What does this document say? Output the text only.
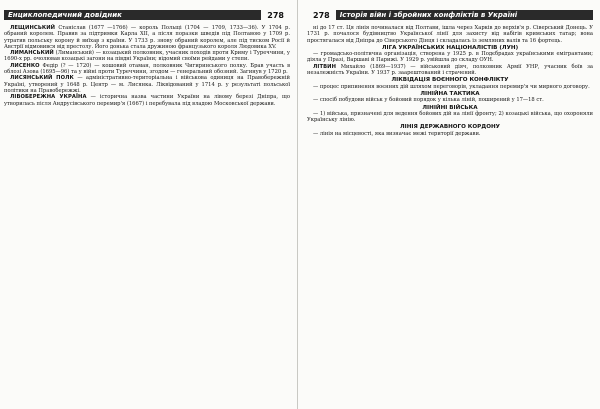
Енциклопедичний довідник	278

ЛЕЩИНСЬКИЙ Станіслав (1677 —1766) — король Польщі (1704 — 1709, 1733—36). У 1704 р. обраний королем. Правив за підтримки Карла XII, а після поразки шведів під Полтавою у 1709 р. утратив польську корону й виїхав з країни. У 1733 р. знову обраний королем, але під тиском Росії й Австрії відмовився від престолу. Його донька стала дружиною французького короля Людовика XV.

ЛИМАНСЬКИЙ (Лиманський) — козацький полковник, учасник походів проти Криму і Туреччини, у 1690-х рр. очолював козацькі загони на півдні України; відомий своїми рейдами у степи.

ЛИСЕНКО Федір (? — 1720) — кошовий отаман, полковник Чигиринського полку. Брав участь в облозі Азова (1695—96) та у війні проти Туреччини, згодом — генеральний обозний. Загинув у 1720 р.

ЛИСЯНСЬКИЙ ПОЛК — адміністративно-територіальна і військова одиниця на Правобережній Україні, утворений у 1648 р. Центр — м. Лисянка. Ліквідований у 1714 р. у результаті польської політики на Правобережжі.

ЛІВОБЕРЕЖНА УКРАЇНА — історична назва частини України на лівому березі Дніпра, що утворилась після Андрусівського перемир'я (1667) і перебувала під владою Московської держави.

278	Історія війн і збройних конфліктів в Україні

ні до 17 ст. Ця лінія починалася від Полтави, ішла через Харків до верхів'я р. Сіверський Донець. У 1731 р. почалося будівництво Української лінії для захисту від набігів кримських татар; вона простягалася від Дніпра до Сіверського Дінця і складалась із земляних валів та 16 фортець.

ЛІГА УКРАЇНСЬКИХ НАЦІОНАЛІСТІВ (ЛУН)

— громадсько-політична організація, створена у 1925 р. в Подєбрадах українськими емігрантами; діяла у Празі, Варшаві й Парижі. У 1929 р. увійшла до складу ОУН.

ЛІТВИН Михайло (1869—1937) — військовий діяч, полковник Армії УНР, учасник боїв за незалежність України. У 1937 р. заарештований і страчений.

ЛІКВІДАЦІЯ ВОЄННОГО КОНФЛІКТУ

— процес припинення воєнних дій шляхом переговорів, укладання перемир'я чи мирного договору.

ЛІНІЙНА ТАКТИКА

— спосіб побудови військ у бойовий порядок у кілька ліній, поширений у 17—18 ст.

ЛІНІЙНІ ВІЙСЬКА

— 1) війська, призначені для ведення бойових дій на лінії фронту; 2) козацькі війська, що охороняли Українську лінію.

ЛІНІЯ ДЕРЖАВНОГО КОРДОНУ

— лінія на місцевості, яка визначає межі території держави.
